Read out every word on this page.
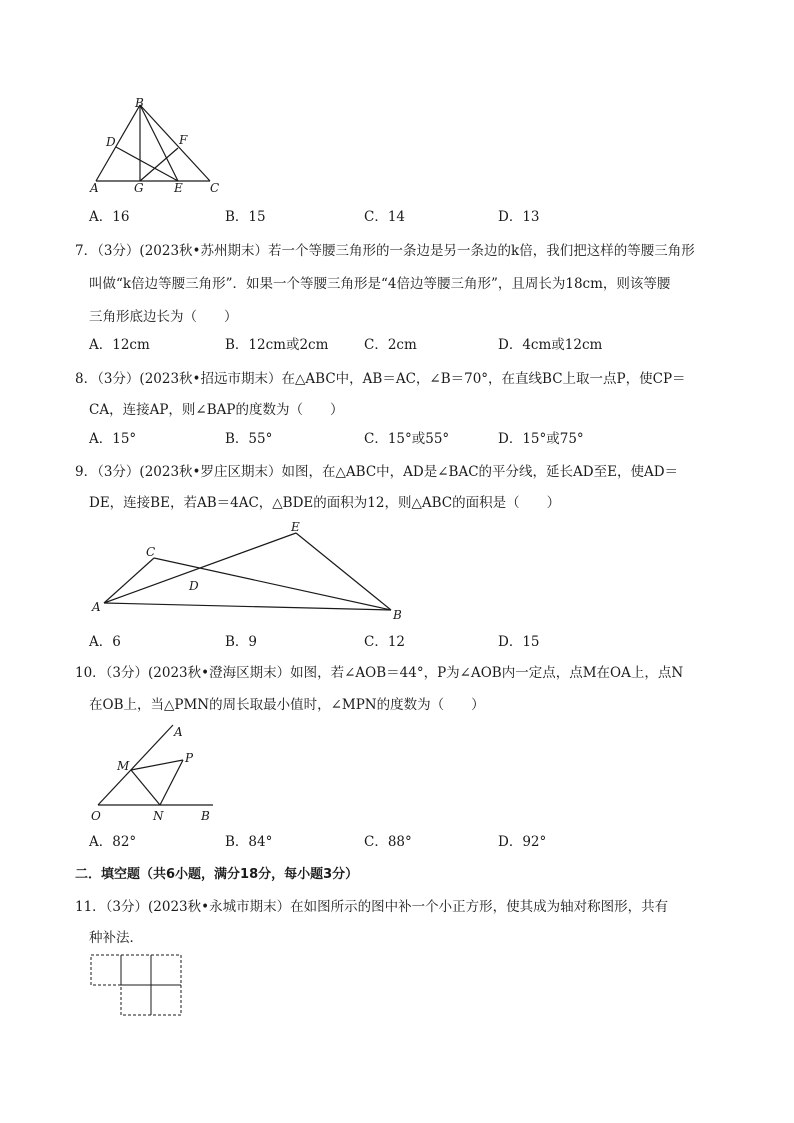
B
D	F
A	G	E C
A．16	B．15	C．14	D．13
7．（3分）(2023秋•苏州期末）若一个等腰三角形的一条边是另一条边的k倍，我们把这样的等腰三角形
叫做“k倍边等腰三角形”．如果一个等腰三角形是“4倍边等腰三角形”，且周长为18cm，则该等腰
三角形底边长为（　　）
A．12cm	B．12cm或2cm	C．2cm	D．4cm或12cm
8．（3分）(2023秋•招远市期末）在△ABC中，AB＝AC，∠B＝70°，在直线BC上取一点P，使CP＝
CA，连接AP，则∠BAP的度数为（　　）
A．15°	B．55°	C．15°或55°	D．15°或75°
9．（3分）(2023秋•罗庄区期末）如图，在△ABC中，AD是∠BAC的平分线，延长AD至E，使AD＝
DE，连接BE，若AB＝4AC，△BDE的面积为12，则△ABC的面积是（　　）
C
E
D
A
B
A．6	B．9	C．12	D．15
10．（3分）(2023秋•澄海区期末）如图，若∠AOB＝44°，P为∠AOB内一定点，点M在OA上，点N
在OB上，当△PMN的周长取最小值时，∠MPN的度数为（　　）
A
M
P
O	N	B
A．82°	B．84°	C．88°	D．92°
二．填空题（共6小题，满分18分，每小题3分）
11．（3分）(2023秋•永城市期末）在如图所示的图中补一个小正方形，使其成为轴对称图形，共有
种补法．
